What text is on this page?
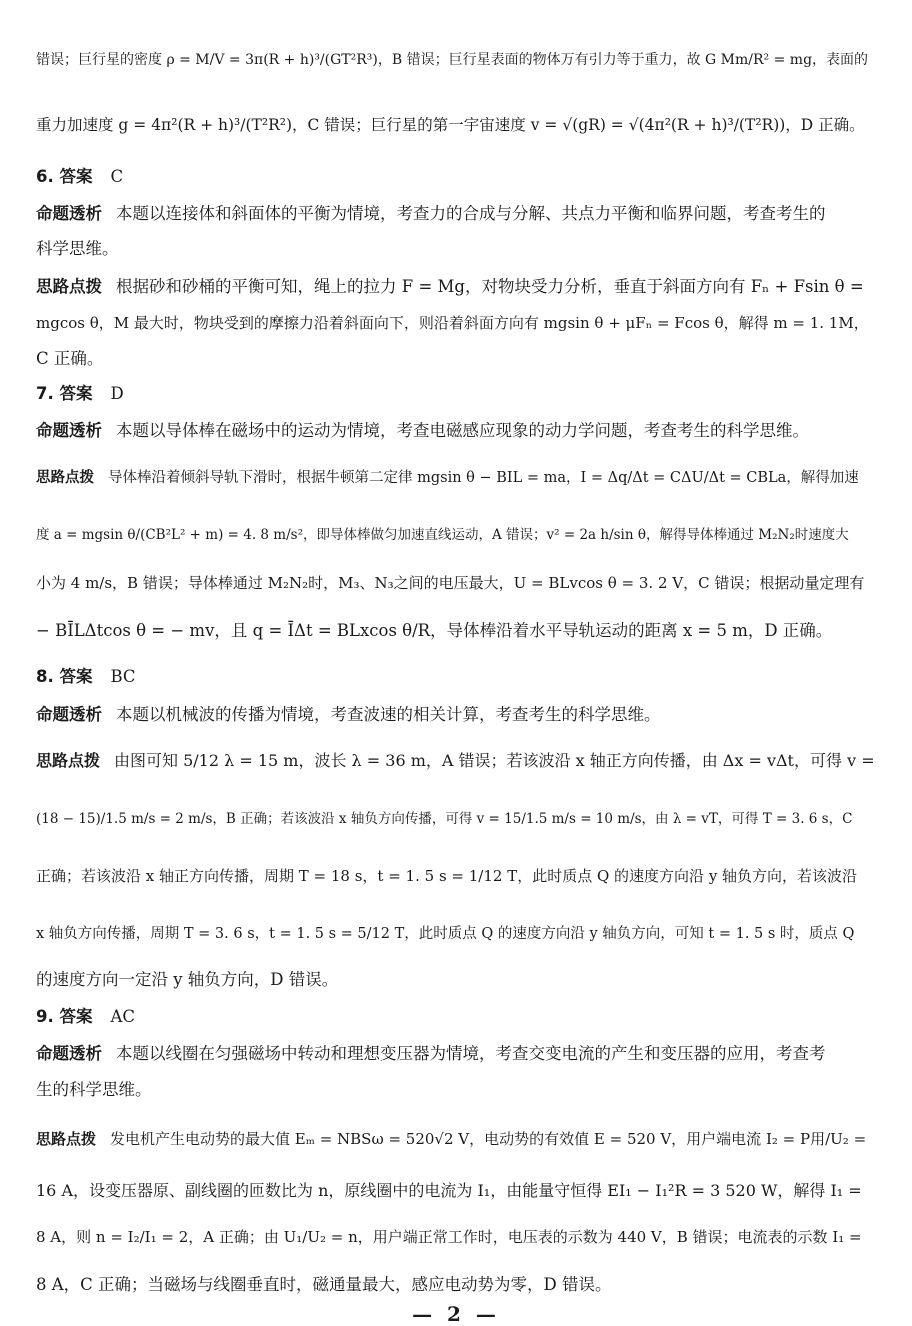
错误；巨行星的密度 ρ = M/V = 3π(R + h)³/(GT²R³)，B 错误；巨行星表面的物体万有引力等于重力，故 G Mm/R² = mg，表面的
重力加速度 g = 4π²(R + h)³/(T²R²)，C 错误；巨行星的第一宇宙速度 v = √(gR) = √(4π²(R + h)³/(T²R))，D 正确。
6. 答案 C
命题透析 本题以连接体和斜面体的平衡为情境，考查力的合成与分解、共点力平衡和临界问题，考查考生的
科学思维。
思路点拨 根据砂和砂桶的平衡可知，绳上的拉力 F = Mg，对物块受力分析，垂直于斜面方向有 Fₙ + Fsin θ =
mgcos θ，M 最大时，物块受到的摩擦力沿着斜面向下，则沿着斜面方向有 mgsin θ + μFₙ = Fcos θ，解得 m = 1. 1M，
C 正确。
7. 答案 D
命题透析 本题以导体棒在磁场中的运动为情境，考查电磁感应现象的动力学问题，考查考生的科学思维。
思路点拨 导体棒沿着倾斜导轨下滑时，根据牛顿第二定律 mgsin θ − BIL = ma，I = Δq/Δt = CΔU/Δt = CBLa，解得加速
度 a = mgsin θ/(CB²L² + m) = 4. 8 m/s²，即导体棒做匀加速直线运动，A 错误；v² = 2a h/sin θ，解得导体棒通过 M₂N₂时速度大
小为 4 m/s，B 错误；导体棒通过 M₂N₂时，M₃、N₃之间的电压最大，U = BLvcos θ = 3. 2 V，C 错误；根据动量定理有
− BĪLΔtcos θ = − mv，且 q = ĪΔt = BLxcos θ/R，导体棒沿着水平导轨运动的距离 x = 5 m，D 正确。
8. 答案 BC
命题透析 本题以机械波的传播为情境，考查波速的相关计算，考查考生的科学思维。
思路点拨 由图可知 5/12 λ = 15 m，波长 λ = 36 m，A 错误；若该波沿 x 轴正方向传播，由 Δx = vΔt，可得 v =
(18 − 15)/1.5 m/s = 2 m/s，B 正确；若该波沿 x 轴负方向传播，可得 v = 15/1.5 m/s = 10 m/s，由 λ = vT，可得 T = 3. 6 s，C
正确；若该波沿 x 轴正方向传播，周期 T = 18 s，t = 1. 5 s = 1/12 T，此时质点 Q 的速度方向沿 y 轴负方向，若该波沿
x 轴负方向传播，周期 T = 3. 6 s，t = 1. 5 s = 5/12 T，此时质点 Q 的速度方向沿 y 轴负方向，可知 t = 1. 5 s 时，质点 Q
的速度方向一定沿 y 轴负方向，D 错误。
9. 答案 AC
命题透析 本题以线圈在匀强磁场中转动和理想变压器为情境，考查交变电流的产生和变压器的应用，考查考
生的科学思维。
思路点拨 发电机产生电动势的最大值 Eₘ = NBSω = 520√2 V，电动势的有效值 E = 520 V，用户端电流 I₂ = P用/U₂ =
16 A，设变压器原、副线圈的匝数比为 n，原线圈中的电流为 I₁，由能量守恒得 EI₁ − I₁²R = 3 520 W，解得 I₁ =
8 A，则 n = I₂/I₁ = 2，A 正确；由 U₁/U₂ = n，用户端正常工作时，电压表的示数为 440 V，B 错误；电流表的示数 I₁ =
8 A，C 正确；当磁场与线圈垂直时，磁通量最大，感应电动势为零，D 错误。
— 2 —
